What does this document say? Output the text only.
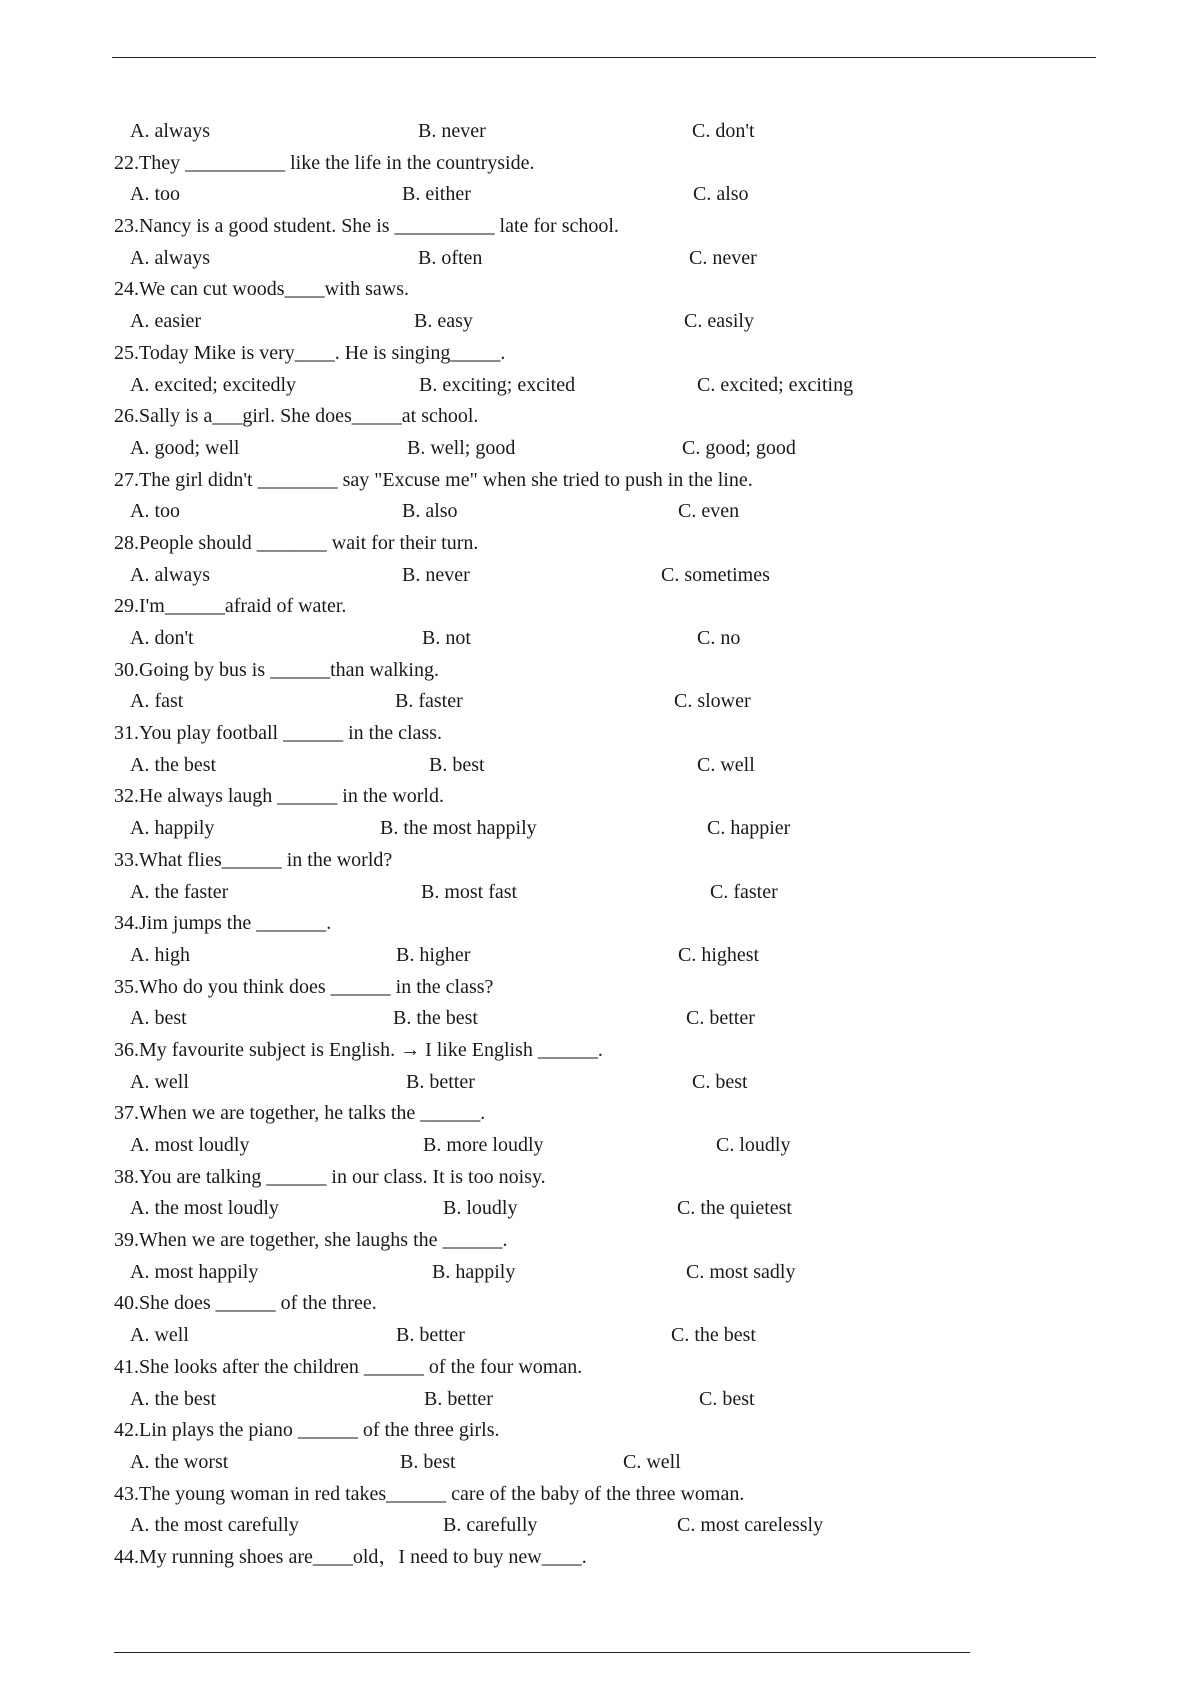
A. always	B. never	C. don't
22.They __________ like the life in the countryside.
A. too	B. either	C. also
23.Nancy is a good student. She is __________ late for school.
A. always	B. often	C. never
24.We can cut woods____with saws.
A. easier	B. easy	C. easily
25.Today Mike is very____. He is singing_____.
A. excited; excitedly	B. exciting; excited	C. excited; exciting
26.Sally is a___girl. She does_____at school.
A. good; well	B. well; good	C. good; good
27.The girl didn't ________ say "Excuse me" when she tried to push in the line.
A. too	B. also	C. even
28.People should _______ wait for their turn.
A. always	B. never	C. sometimes
29.I'm______afraid of water.
A. don't	B. not	C. no
30.Going by bus is ______than walking.
A. fast	B. faster	C. slower
31.You play football ______ in the class.
A. the best	B. best	C. well
32.He always laugh ______ in the world.
A. happily	B. the most happily	C. happier
33.What flies______ in the world?
A. the faster	B. most fast	C. faster
34.Jim jumps the _______.
A. high	B. higher	C. highest
35.Who do you think does ______ in the class?
A. best	B. the best	C. better
36.My favourite subject is English. → I like English ______.
A. well	B. better	C. best
37.When we are together, he talks the ______.
A. most loudly	B. more loudly	C. loudly
38.You are talking ______ in our class. It is too noisy.
A. the most loudly	B. loudly	C. the quietest
39.When we are together, she laughs the ______.
A. most happily	B. happily	C. most sadly
40.She does ______ of the three.
A. well	B. better	C. the best
41.She looks after the children ______ of the four woman.
A. the best	B. better	C. best
42.Lin plays the piano ______ of the three girls.
A. the worst	B. best	C. well
43.The young woman in red takes______ care of the baby of the three woman.
A. the most carefully	B. carefully	C. most carelessly
44.My running shoes are____old，I need to buy new____.
